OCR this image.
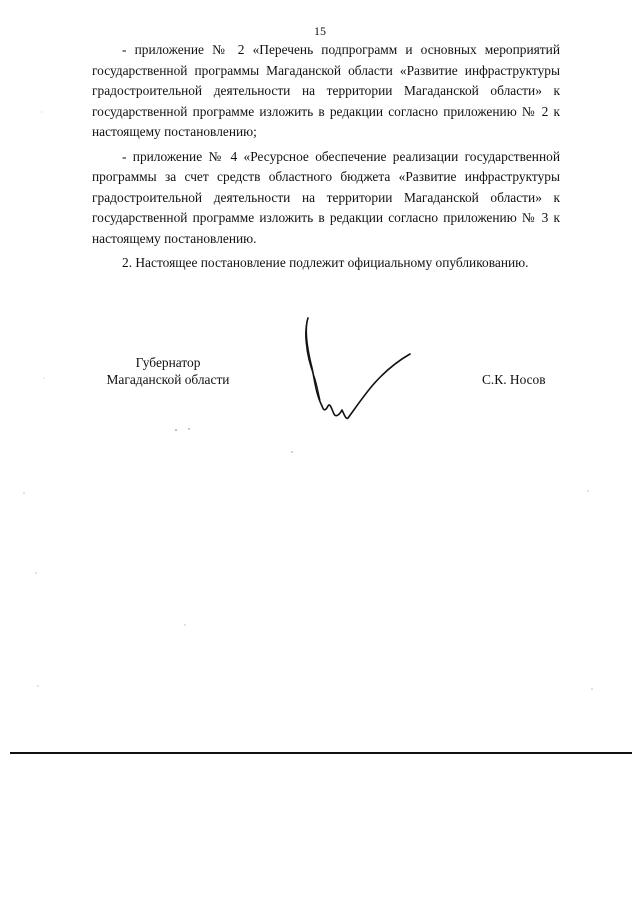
15

- приложение № 2 «Перечень подпрограмм и основных мероприятий государственной программы Магаданской области «Развитие инфраструктуры градостроительной деятельности на территории Магаданской области» к государственной программе изложить в редакции согласно приложению № 2 к настоящему постановлению;

- приложение № 4 «Ресурсное обеспечение реализации государственной программы за счет средств областного бюджета «Развитие инфраструктуры градостроительной деятельности на территории Магаданской области» к государственной программе изложить в редакции согласно приложению № 3 к настоящему постановлению.

2. Настоящее постановление подлежит официальному опубликованию.

Губернатор
Магаданской области	С.К. Носов
